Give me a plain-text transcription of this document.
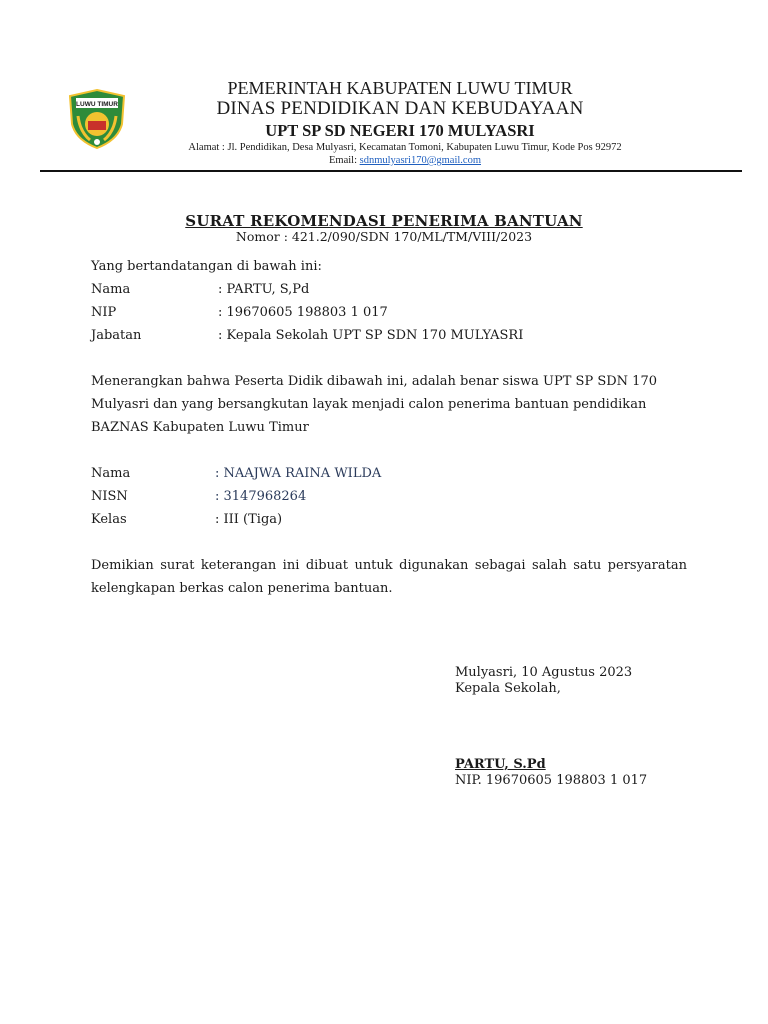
LUWU TIMUR
PEMERINTAH KABUPATEN LUWU TIMUR
DINAS PENDIDIKAN DAN KEBUDAYAAN
UPT SP SD NEGERI 170 MULYASRI
Alamat : Jl. Pendidikan, Desa Mulyasri, Kecamatan Tomoni, Kabupaten Luwu Timur, Kode Pos 92972
Email: sdnmulyasri170@gmail.com
SURAT REKOMENDASI PENERIMA BANTUAN
Nomor : 421.2/090/SDN 170/ML/TM/VIII/2023
Yang bertandatangan di bawah ini:
Nama	: PARTU, S,Pd
NIP	: 19670605 198803 1 017
Jabatan	: Kepala Sekolah UPT SP SDN 170 MULYASRI
Menerangkan bahwa Peserta Didik dibawah ini, adalah benar siswa UPT SP SDN 170
Mulyasri dan yang bersangkutan layak menjadi calon penerima bantuan pendidikan
BAZNAS Kabupaten Luwu Timur
Nama	: NAAJWA RAINA WILDA
NISN	: 3147968264
Kelas	: III (Tiga)
Demikian surat keterangan ini dibuat untuk digunakan sebagai salah satu persyaratan
kelengkapan berkas calon penerima bantuan.
Mulyasri, 10 Agustus 2023
Kepala Sekolah,
PARTU, S.Pd
NIP. 19670605 198803 1 017
